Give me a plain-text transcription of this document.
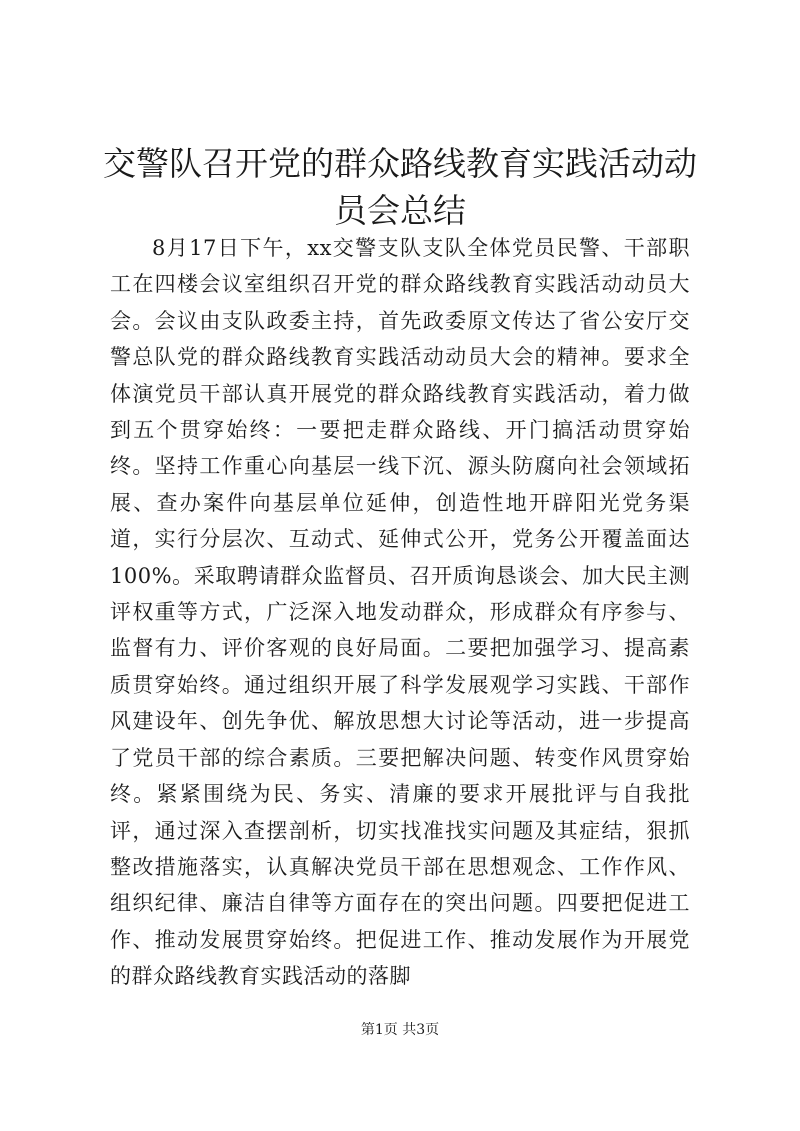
交警队召开党的群众路线教育实践活动动员会总结

8月17日下午，xx交警支队支队全体党员民警、干部职工在四楼会议室组织召开党的群众路线教育实践活动动员大会。会议由支队政委主持，首先政委原文传达了省公安厅交警总队党的群众路线教育实践活动动员大会的精神。要求全体演党员干部认真开展党的群众路线教育实践活动，着力做到五个贯穿始终：一要把走群众路线、开门搞活动贯穿始终。坚持工作重心向基层一线下沉、源头防腐向社会领域拓展、查办案件向基层单位延伸，创造性地开辟阳光党务渠道，实行分层次、互动式、延伸式公开，党务公开覆盖面达100%。采取聘请群众监督员、召开质询恳谈会、加大民主测评权重等方式，广泛深入地发动群众，形成群众有序参与、监督有力、评价客观的良好局面。二要把加强学习、提高素质贯穿始终。通过组织开展了科学发展观学习实践、干部作风建设年、创先争优、解放思想大讨论等活动，进一步提高了党员干部的综合素质。三要把解决问题、转变作风贯穿始终。紧紧围绕为民、务实、清廉的要求开展批评与自我批评，通过深入查摆剖析，切实找准找实问题及其症结，狠抓整改措施落实，认真解决党员干部在思想观念、工作作风、组织纪律、廉洁自律等方面存在的突出问题。四要把促进工作、推动发展贯穿始终。把促进工作、推动发展作为开展党的群众路线教育实践活动的落脚

第1页 共3页
